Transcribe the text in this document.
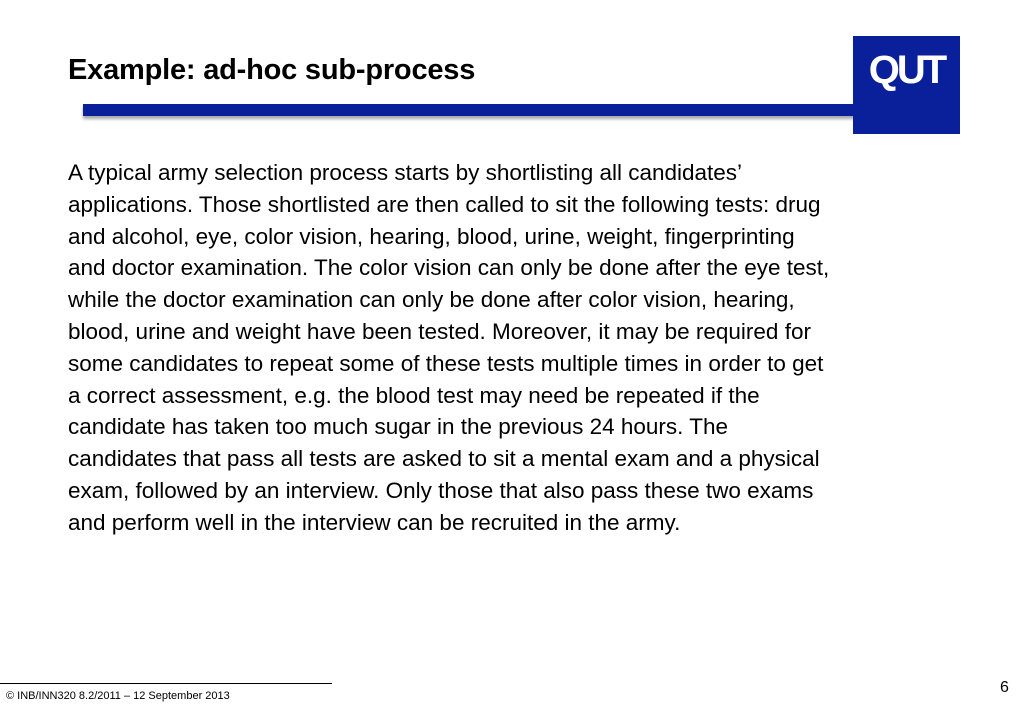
Example: ad-hoc sub-process	QUT

A typical army selection process starts by shortlisting all candidates’
applications. Those shortlisted are then called to sit the following tests: drug
and alcohol, eye, color vision, hearing, blood, urine, weight, fingerprinting
and doctor examination. The color vision can only be done after the eye test,
while the doctor examination can only be done after color vision, hearing,
blood, urine and weight have been tested. Moreover, it may be required for
some candidates to repeat some of these tests multiple times in order to get
a correct assessment, e.g. the blood test may need be repeated if the
candidate has taken too much sugar in the previous 24 hours. The
candidates that pass all tests are asked to sit a mental exam and a physical
exam, followed by an interview. Only those that also pass these two exams
and perform well in the interview can be recruited in the army.

© INB/INN320 8.2/2011 – 12 September 2013	6
